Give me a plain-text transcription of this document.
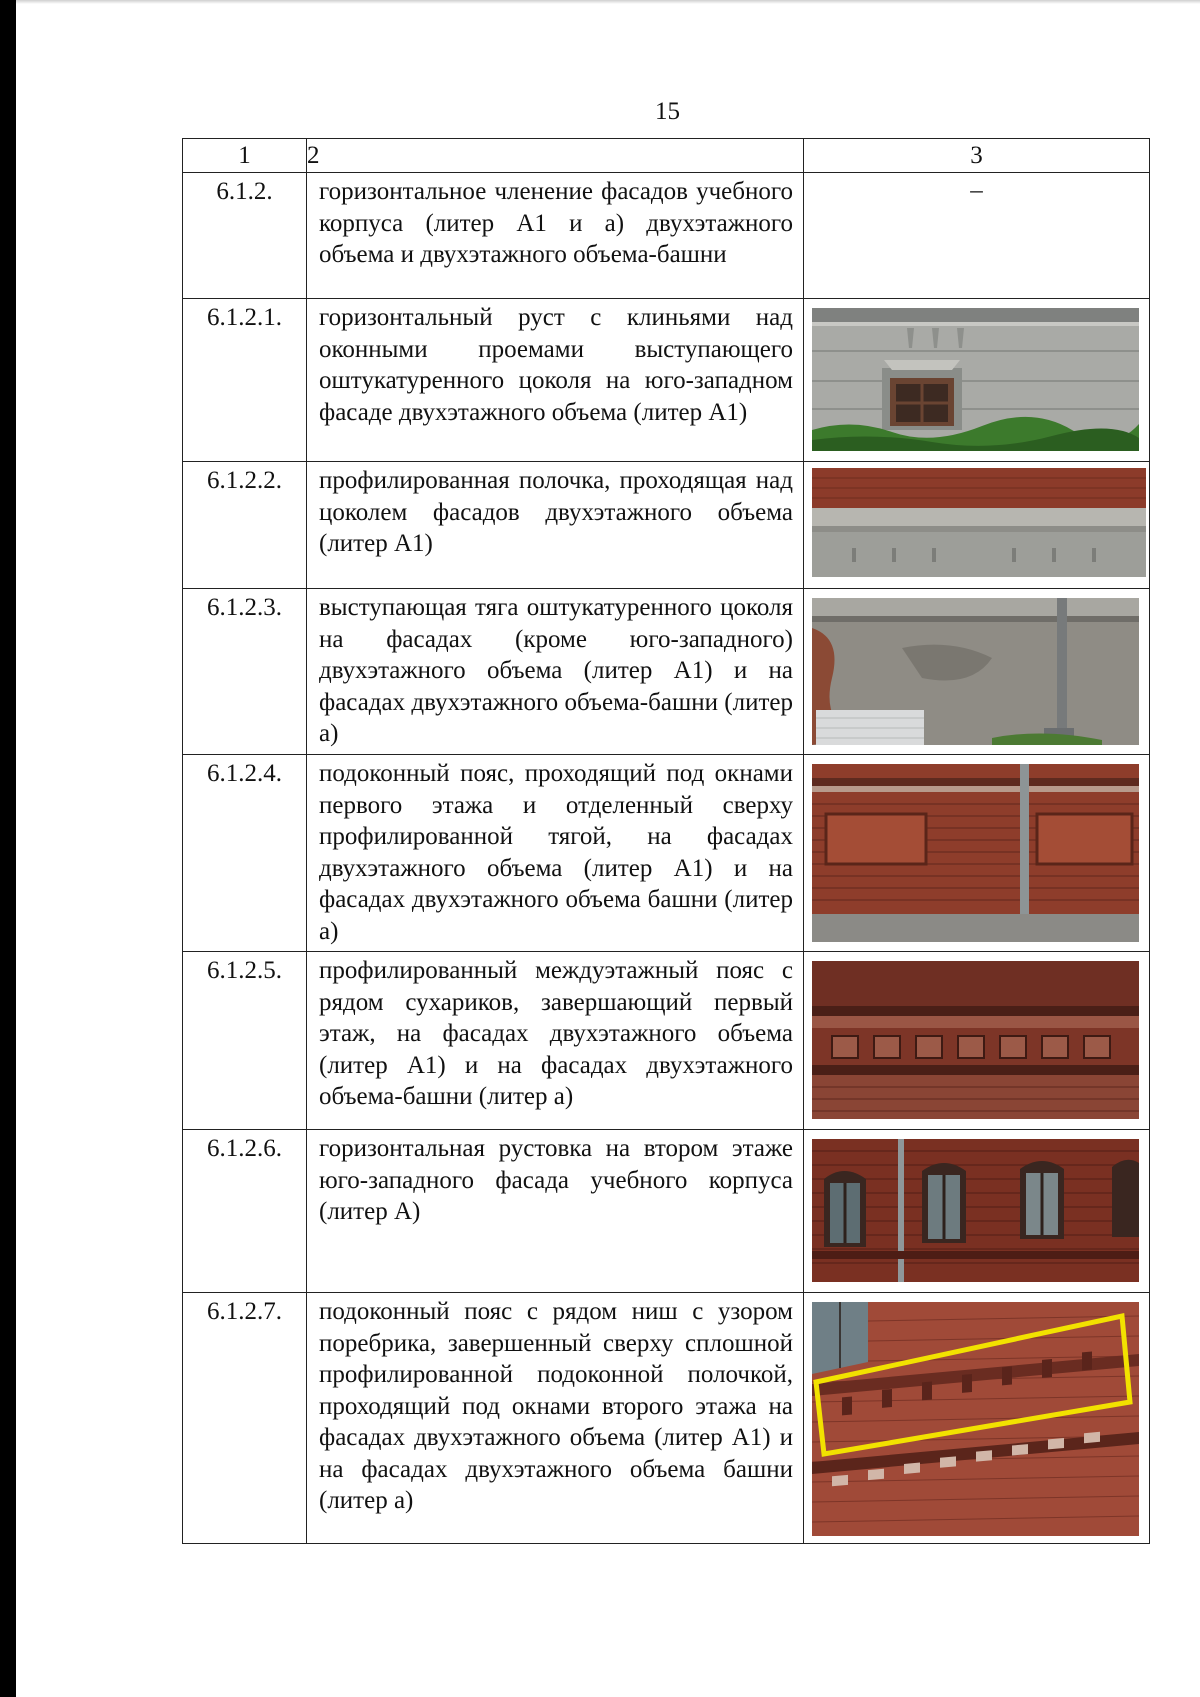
15
1	2	3
6.1.2.	горизонтальное членение фасадов учебного корпуса (литер А1 и а) двухэтажного объема и двухэтажного объема-башни	–

6.1.2.1.	горизонтальный руст с клиньями над оконными проемами выступающего оштукатуренного цоколя на юго-западном фасаде двухэтажного объема (литер А1)	

6.1.2.2.	профилированная полочка, проходящая над цоколем фасадов двухэтажного объема (литер А1)	

6.1.2.3.	выступающая тяга оштукатуренного цоколя на фасадах (кроме юго-западного) двухэтажного объема (литер А1) и на фасадах двухэтажного объема-башни (литер а)	

6.1.2.4.	подоконный пояс, проходящий под окнами первого этажа и отделенный сверху профилированной тягой, на фасадах двухэтажного объема (литер А1) и на фасадах двухэтажного объема башни (литер а)	

6.1.2.5.	профилированный междуэтажный пояс с рядом сухариков, завершающий первый этаж, на фасадах двухэтажного объема (литер А1) и на фасадах двухэтажного объема-башни (литер а)	

6.1.2.6.	горизонтальная рустовка на втором этаже юго-западного фасада учебного корпуса (литер А)	

6.1.2.7.	подоконный пояс с рядом ниш с узором поребрика, завершенный сверху сплошной профилированной подоконной полочкой, проходящий под окнами второго этажа на фасадах двухэтажного объема (литер А1) и на фасадах двухэтажного объема башни (литер а)	
